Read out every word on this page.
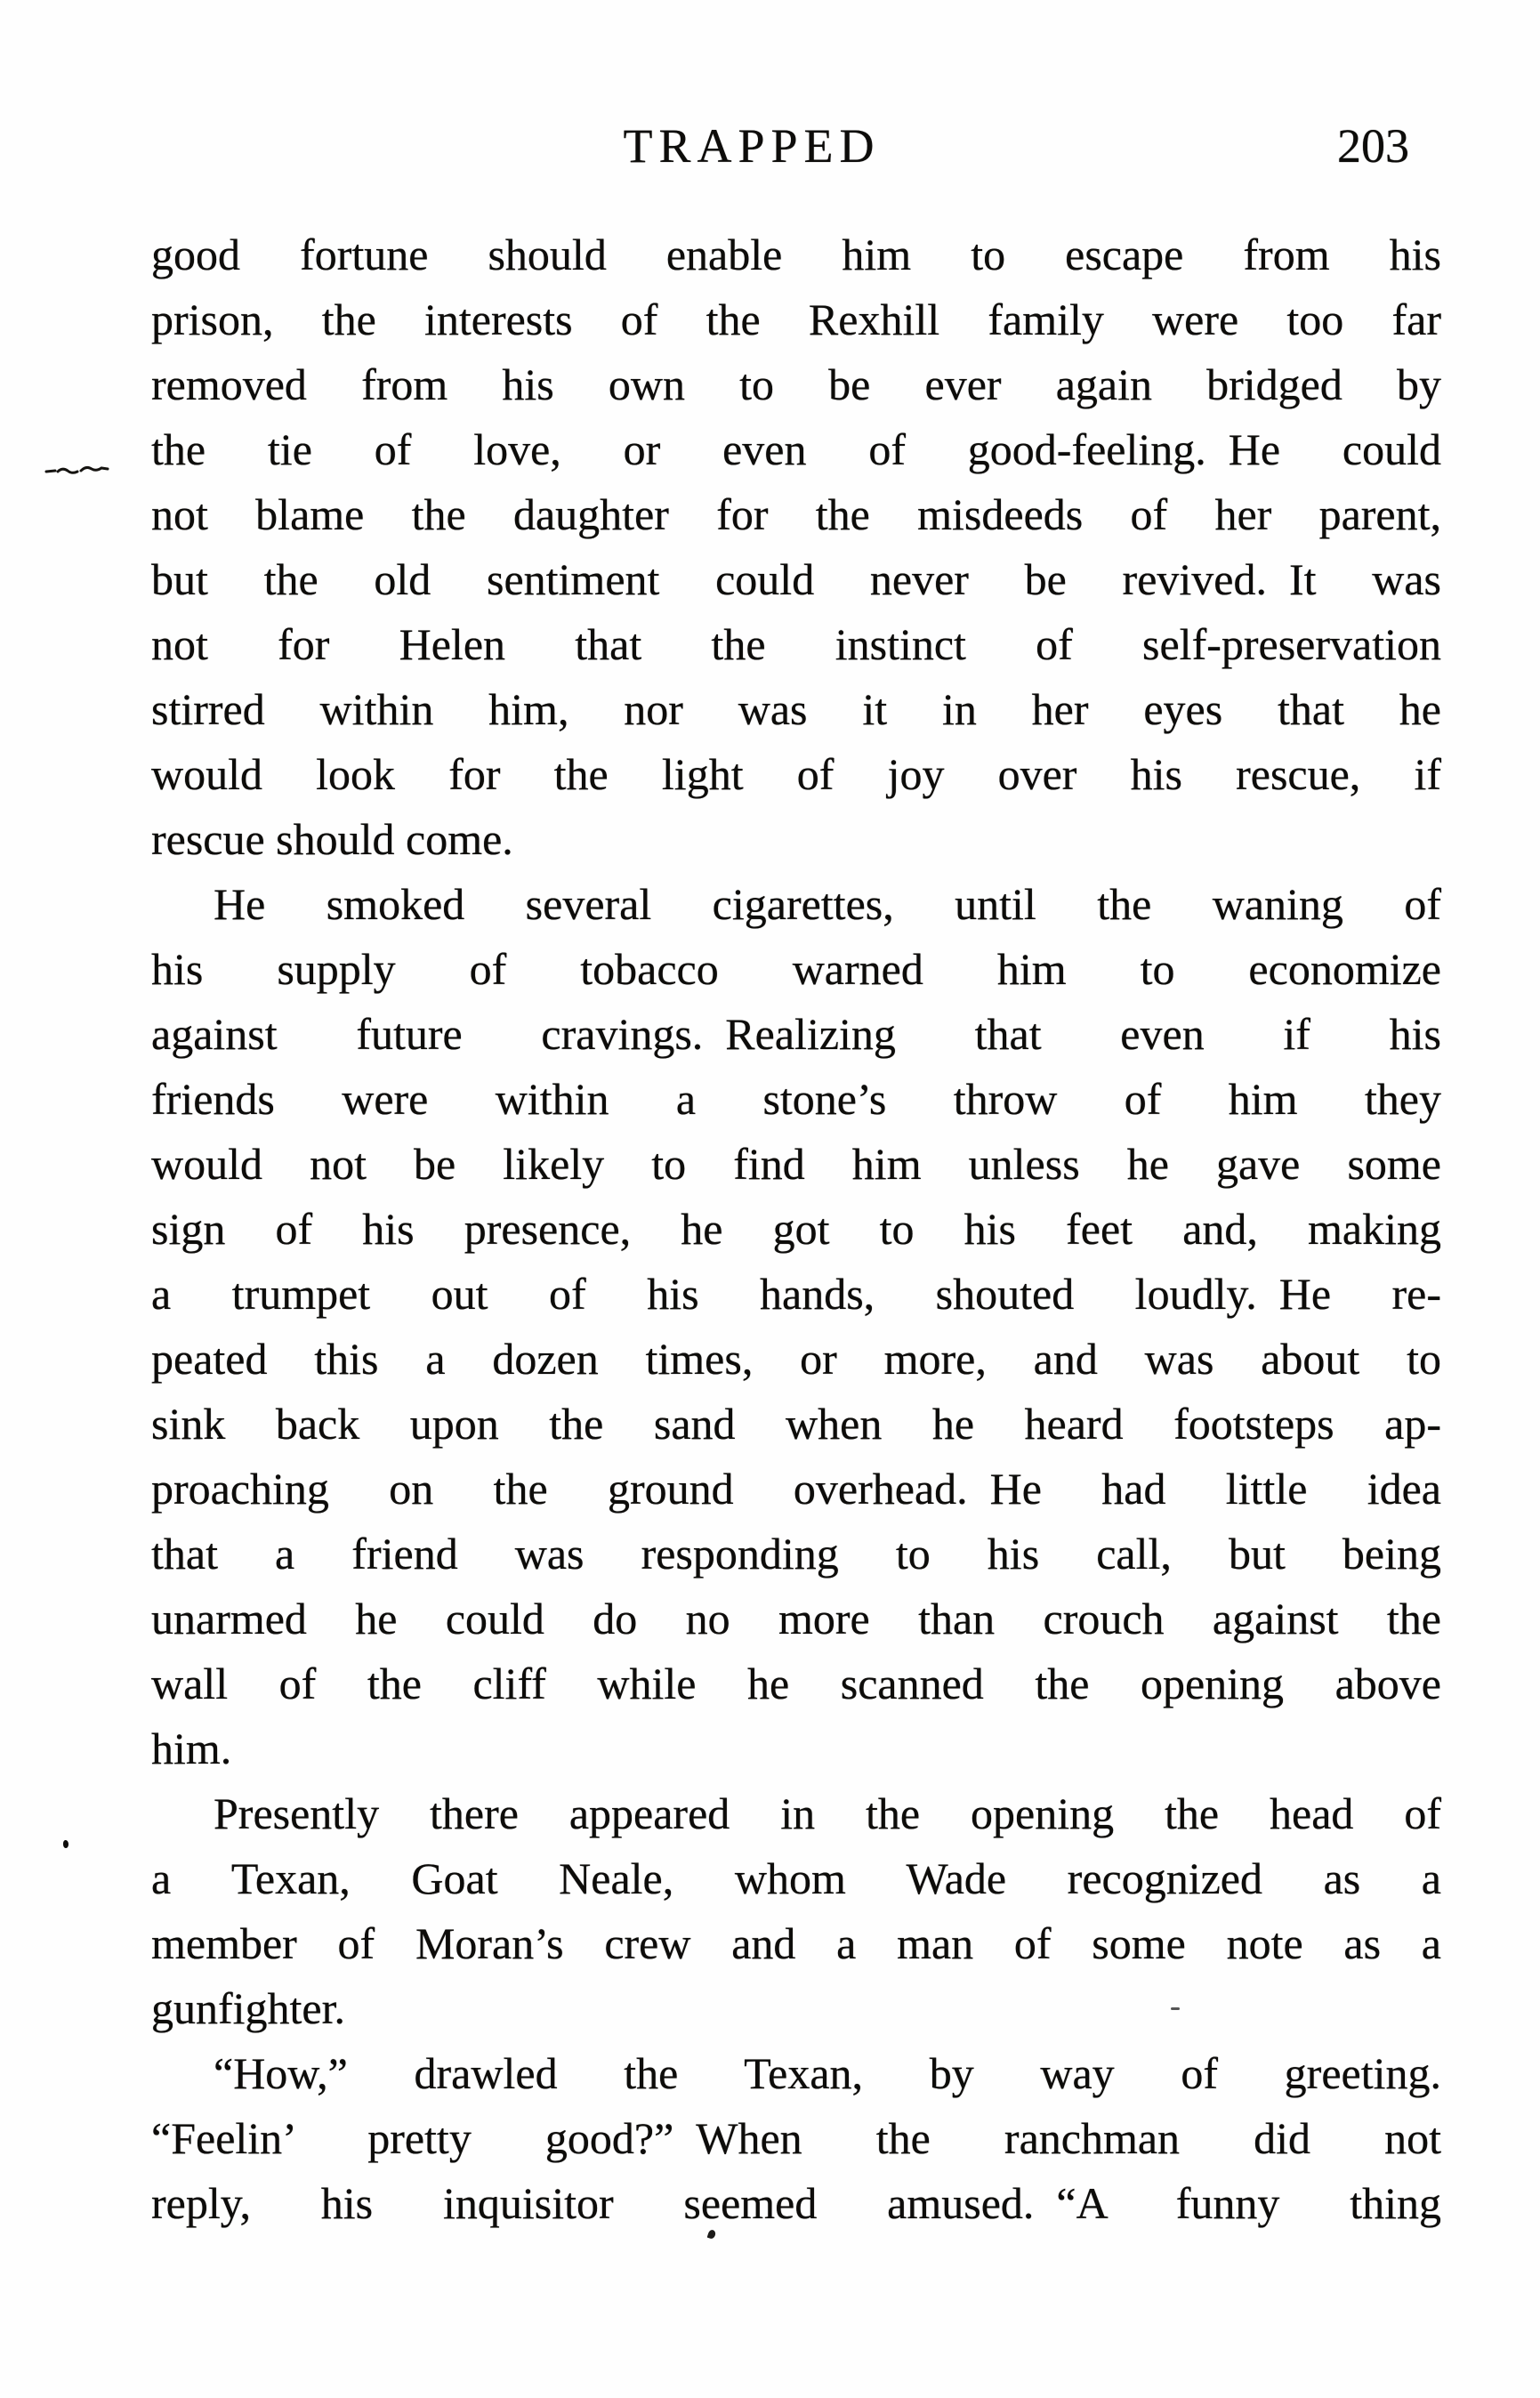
TRAPPED	203
good fortune should enable him to escape from his
prison, the interests of the Rexhill family were too far
removed from his own to be ever again bridged by
the tie of love, or even of good-feeling. He could
not blame the daughter for the misdeeds of her parent,
but the old sentiment could never be revived. It was
not for Helen that the instinct of self-preservation
stirred within him, nor was it in her eyes that he
would look for the light of joy over his rescue, if
rescue should come.
He smoked several cigarettes, until the waning of
his supply of tobacco warned him to economize
against future cravings. Realizing that even if his
friends were within a stone’s throw of him they
would not be likely to find him unless he gave some
sign of his presence, he got to his feet and, making
a trumpet out of his hands, shouted loudly. He re-
peated this a dozen times, or more, and was about to
sink back upon the sand when he heard footsteps ap-
proaching on the ground overhead. He had little idea
that a friend was responding to his call, but being
unarmed he could do no more than crouch against the
wall of the cliff while he scanned the opening above
him.
Presently there appeared in the opening the head of
a Texan, Goat Neale, whom Wade recognized as a
member of Moran’s crew and a man of some note as a
gunfighter.
“How,” drawled the Texan, by way of greeting.
“Feelin’ pretty good?” When the ranchman did not
reply, his inquisitor seemed amused. “A funny thing
